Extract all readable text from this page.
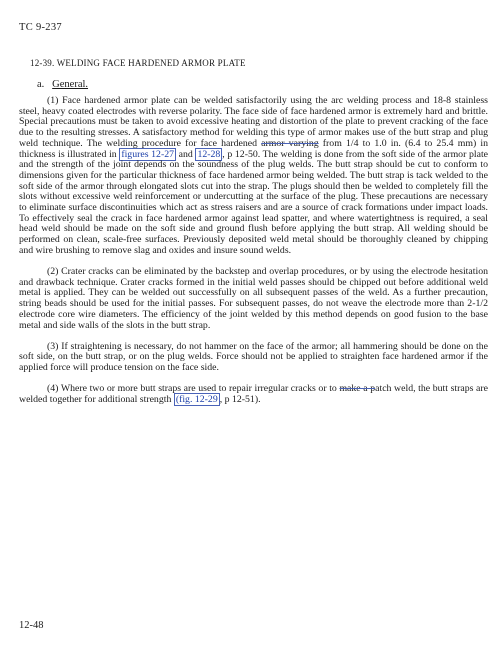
TC 9-237
12-39. WELDING FACE HARDENED ARMOR PLATE
a. General.

(1) Face hardened armor plate can be welded satisfactorily using the arc welding process and 18-8 stainless steel, heavy coated electrodes with reverse polarity. The face side of face hardened armor is extremely hard and brittle. Special precautions must be taken to avoid excessive heating and distortion of the plate to prevent cracking of the face due to the resulting stresses. A satisfactory method for welding this type of armor makes use of the butt strap and plug weld technique. The welding procedure for face hardened armor varying from 1/4 to 1.0 in. (6.4 to 25.4 mm) in thickness is illustrated in figures 12-27 and 12-28 , p 12-50. The welding is done from the soft side of the armor plate and the strength of the joint depends on the soundness of the plug welds. The butt strap should be cut to conform to dimensions given for the particular thickness of face hardened armor being welded. The butt strap is tack welded to the soft side of the armor through elongated slots cut into the strap. The plugs should then be welded to completely fill the slots without excessive weld reinforcement or undercutting at the surface of the plug. These precautions are necessary to eliminate surface discontinuities which act as stress raisers and are a source of crack formations under impact loads. To effectively seal the crack in face hardened armor against lead spatter, and where watertightness is required, a seal head weld should be made on the soft side and ground flush before applying the butt strap. All welding should be performed on clean, scale-free surfaces. Previously deposited weld metal should be thoroughly cleaned by chipping and wire brushing to remove slag and oxides and insure sound welds.

(2) Crater cracks can be eliminated by the backstep and overlap procedures, or by using the electrode hesitation and drawback technique. Crater cracks formed in the initial weld passes should be chipped out before additional weld metal is applied. They can be welded out successfully on all subsequent passes of the weld. As a further precaution, string beads should be used for the initial passes. For subsequent passes, do not weave the electrode more than 2-1/2 electrode core wire diameters. The efficiency of the joint welded by this method depends on good fusion to the base metal and side walls of the slots in the butt strap.

(3) If straightening is necessary, do not hammer on the face of the armor; all hammering should be done on the soft side, on the butt strap, or on the plug welds. Force should not be applied to straighten face hardened armor if the applied force will produce tension on the face side.

(4) Where two or more butt straps are used to repair irregular cracks or to make a patch weld, the butt straps are welded together for additional strength (fig. 12-29 , p 12-51).

12-48
